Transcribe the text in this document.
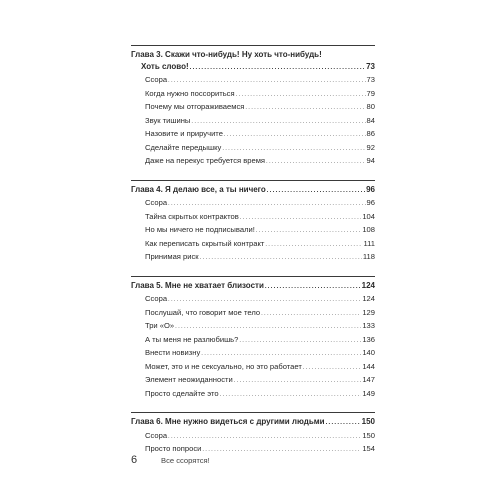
Глава 3. Скажи что-нибудь! Ну хоть что-нибудь!
Хоть слово! . . .	73
Ссора . . .	73
Когда нужно поссориться . . .	79
Почему мы отгораживаемся . . .	80
Звук тишины . . .	84
Назовите и приручите . . .	86
Сделайте передышку . . .	92
Даже на перекус требуется время . . .	94
Глава 4. Я делаю все, а ты ничего . . .	96
Ссора . . .	96
Тайна скрытых контрактов . . .	104
Но мы ничего не подписывали! . . .	108
Как переписать скрытый контракт . . .	111
Принимая риск . . .	118
Глава 5. Мне не хватает близости . . .	124
Ссора . . .	124
Послушай, что говорит мое тело . . .	129
Три «О» . . .	133
А ты меня не разлюбишь? . . .	136
Внести новизну . . .	140
Может, это и не сексуально, но это работает . . .	144
Элемент неожиданности . . .	147
Просто сделайте это . . .	149
Глава 6. Мне нужно видеться с другими людьми . . .	150
Ссора . . .	150
Просто попроси . . .	154
6	Все ссорятся!
